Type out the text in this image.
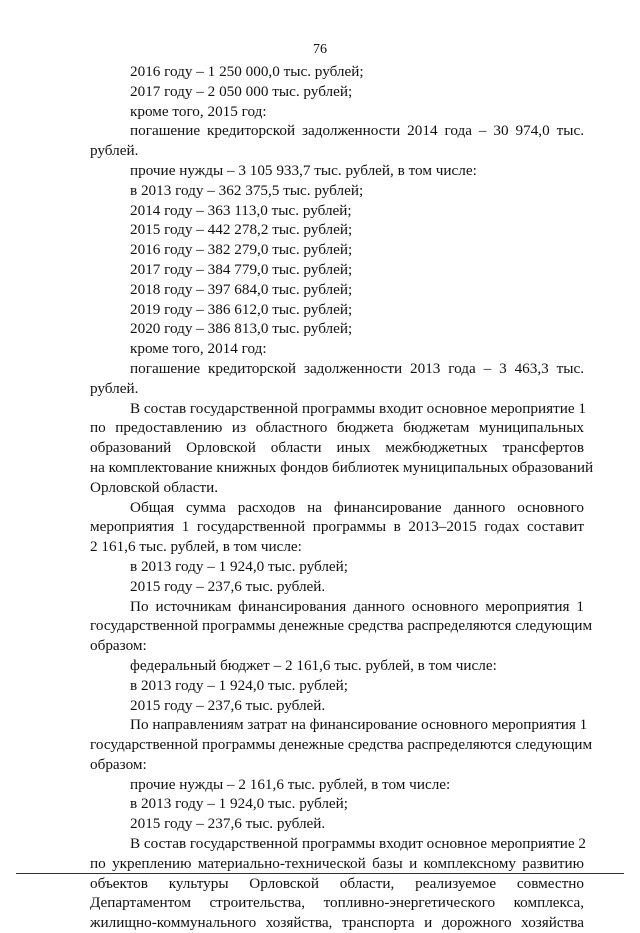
76
2016 году – 1 250 000,0 тыс. рублей;
2017 году – 2 050 000 тыс. рублей;
кроме того, 2015 год:
погашение кредиторской задолженности 2014 года – 30 974,0 тыс.
рублей.
прочие нужды – 3 105 933,7 тыс. рублей, в том числе:
в 2013 году – 362 375,5 тыс. рублей;
2014 году – 363 113,0 тыс. рублей;
2015 году – 442 278,2 тыс. рублей;
2016 году – 382 279,0 тыс. рублей;
2017 году – 384 779,0 тыс. рублей;
2018 году – 397 684,0 тыс. рублей;
2019 году – 386 612,0 тыс. рублей;
2020 году – 386 813,0 тыс. рублей;
кроме того, 2014 год:
погашение кредиторской задолженности 2013 года – 3 463,3 тыс.
рублей.
В состав государственной программы входит основное мероприятие 1
по предоставлению из областного бюджета бюджетам муниципальных
образований Орловской области иных межбюджетных трансфертов
на комплектование книжных фондов библиотек муниципальных образований
Орловской области.
Общая сумма расходов на финансирование данного основного
мероприятия 1 государственной программы в 2013–2015 годах составит
2 161,6 тыс. рублей, в том числе:
в 2013 году – 1 924,0 тыс. рублей;
2015 году – 237,6 тыс. рублей.
По источникам финансирования данного основного мероприятия 1
государственной программы денежные средства распределяются следующим
образом:
федеральный бюджет – 2 161,6 тыс. рублей, в том числе:
в 2013 году – 1 924,0 тыс. рублей;
2015 году – 237,6 тыс. рублей.
По направлениям затрат на финансирование основного мероприятия 1
государственной программы денежные средства распределяются следующим
образом:
прочие нужды – 2 161,6 тыс. рублей, в том числе:
в 2013 году – 1 924,0 тыс. рублей;
2015 году – 237,6 тыс. рублей.
В состав государственной программы входит основное мероприятие 2
по укреплению материально-технической базы и комплексному развитию
объектов культуры Орловской области, реализуемое совместно
Департаментом строительства, топливно-энергетического комплекса,
жилищно-коммунального хозяйства, транспорта и дорожного хозяйства
